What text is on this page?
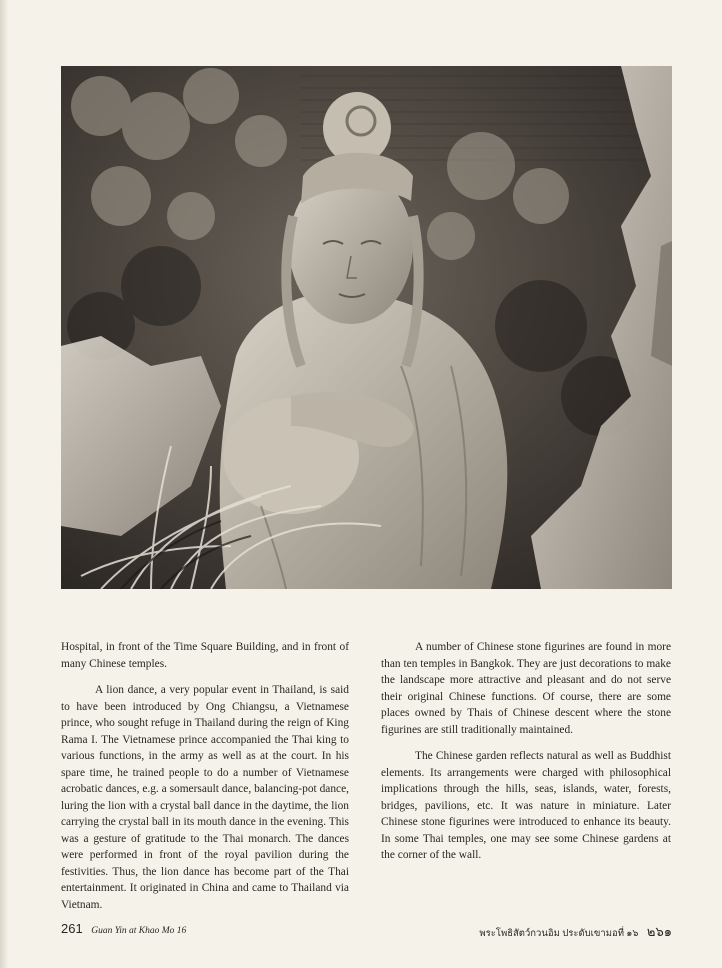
Hospital, in front of the Time Square Building, and in front of many Chinese temples.

A lion dance, a very popular event in Thailand, is said to have been introduced by Ong Chiangsu, a Vietnamese prince, who sought refuge in Thailand during the reign of King Rama I. The Vietnamese prince accompanied the Thai king to various functions, in the army as well as at the court. In his spare time, he trained people to do a number of Vietnamese acrobatic dances, e.g. a somersault dance, balancing-pot dance, luring the lion with a crystal ball dance in the daytime, the lion carrying the crystal ball in its mouth dance in the evening. This was a gesture of gratitude to the Thai monarch. The dances were performed in front of the royal pavilion during the festivities. Thus, the lion dance has become part of the Thai entertainment. It originated in China and came to Thailand via Vietnam.

A number of Chinese stone figurines are found in more than ten temples in Bangkok. They are just decorations to make the landscape more attractive and pleasant and do not serve their original Chinese functions. Of course, there are some places owned by Thais of Chinese descent where the stone figurines are still traditionally maintained.

The Chinese garden reflects natural as well as Buddhist elements. Its arrangements were charged with philosophical implications through the hills, seas, islands, water, forests, bridges, pavilions, etc. It was nature in miniature. Later Chinese stone figurines were introduced to enhance its beauty. In some Thai temples, one may see some Chinese gardens at the corner of the wall.

261 Guan Yin at Khao Mo 16	พระโพธิสัตว์กวนอิม ประดับเขามอที่ ๑๖ ๒๖๑
